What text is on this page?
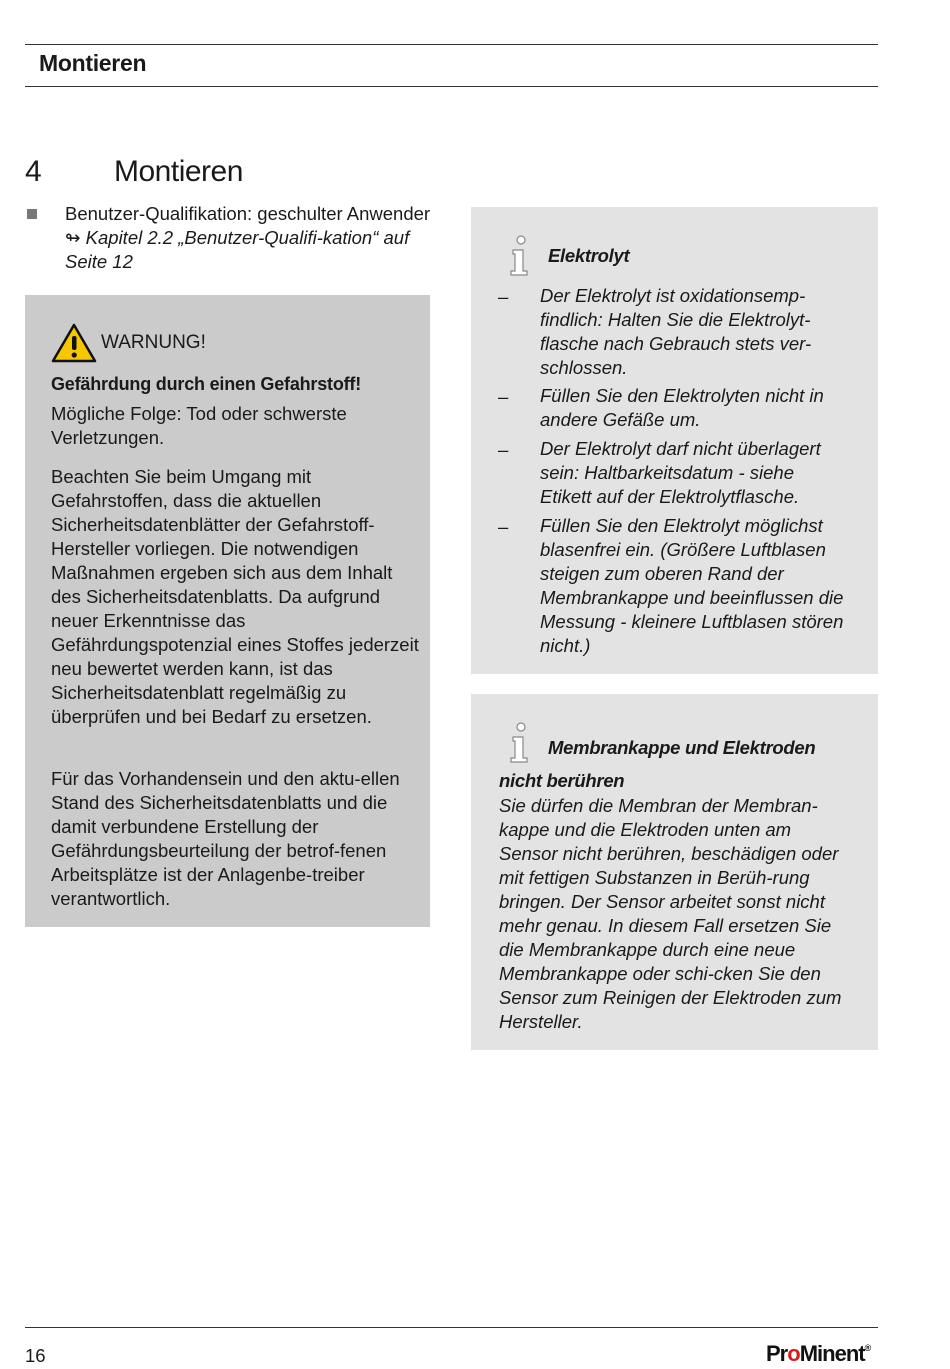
Montieren
4 Montieren
Benutzer-Qualifikation: geschulter Anwender ↬ Kapitel 2.2 „Benutzer-Qualifi-kation“ auf Seite 12
WARNUNG!
Gefährdung durch einen Gefahrstoff!
Mögliche Folge: Tod oder schwerste Verletzungen.
Beachten Sie beim Umgang mit Gefahrstoffen, dass die aktuellen Sicherheitsdatenblätter der Gefahrstoff-Hersteller vorliegen. Die notwendigen Maßnahmen ergeben sich aus dem Inhalt des Sicherheitsdatenblatts. Da aufgrund neuer Erkenntnisse das Gefährdungspotenzial eines Stoffes jederzeit neu bewertet werden kann, ist das Sicherheitsdatenblatt regelmäßig zu überprüfen und bei Bedarf zu ersetzen.
Für das Vorhandensein und den aktu-ellen Stand des Sicherheitsdatenblatts und die damit verbundene Erstellung der Gefährdungsbeurteilung der betrof-fenen Arbeitsplätze ist der Anlagenbe-treiber verantwortlich.
Elektrolyt
– Der Elektrolyt ist oxidationsemp-findlich: Halten Sie die Elektrolyt-flasche nach Gebrauch stets ver-schlossen.
– Füllen Sie den Elektrolyten nicht in andere Gefäße um.
– Der Elektrolyt darf nicht überlagert sein: Haltbarkeitsdatum - siehe Etikett auf der Elektrolytflasche.
– Füllen Sie den Elektrolyt möglichst blasenfrei ein. (Größere Luftblasen steigen zum oberen Rand der Membrankappe und beeinflussen die Messung - kleinere Luftblasen stören nicht.)
Membrankappe und Elektroden nicht berühren
Sie dürfen die Membran der Membran-kappe und die Elektroden unten am Sensor nicht berühren, beschädigen oder mit fettigen Substanzen in Berüh-rung bringen. Der Sensor arbeitet sonst nicht mehr genau. In diesem Fall ersetzen Sie die Membrankappe durch eine neue Membrankappe oder schi-cken Sie den Sensor zum Reinigen der Elektroden zum Hersteller.
16	ProMinent®
